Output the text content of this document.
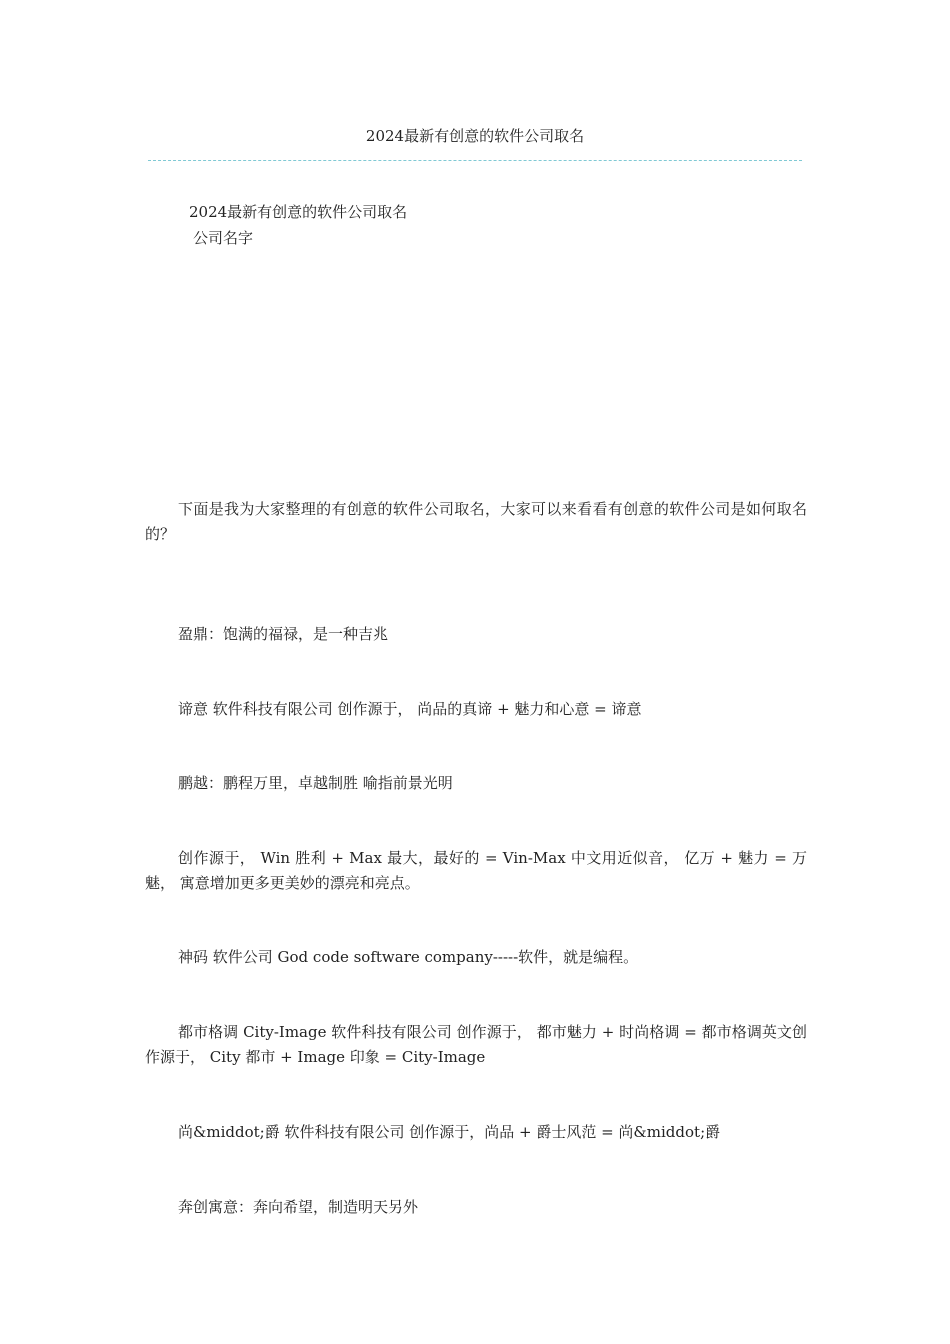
2024最新有创意的软件公司取名
2024最新有创意的软件公司取名
公司名字

下面是我为大家整理的有创意的软件公司取名，大家可以来看看有创意的软件公司是如何取名的？

盈鼎：饱满的福禄，是一种吉兆

谛意 软件科技有限公司 创作源于， 尚品的真谛 + 魅力和心意 = 谛意

鹏越：鹏程万里，卓越制胜 喻指前景光明

创作源于， Win 胜利 + Max 最大，最好的 = Vin-Max 中文用近似音， 亿万 + 魅力 = 万魅， 寓意增加更多更美妙的漂亮和亮点。

神码 软件公司 God code software company-----软件，就是编程。

都市格调 City-Image 软件科技有限公司 创作源于， 都市魅力 + 时尚格调 = 都市格调英文创作源于， City 都市 + Image 印象 = City-Image

尚&middot;爵 软件科技有限公司 创作源于，尚品 + 爵士风范 = 尚&middot;爵

奔创寓意：奔向希望，制造明天另外
